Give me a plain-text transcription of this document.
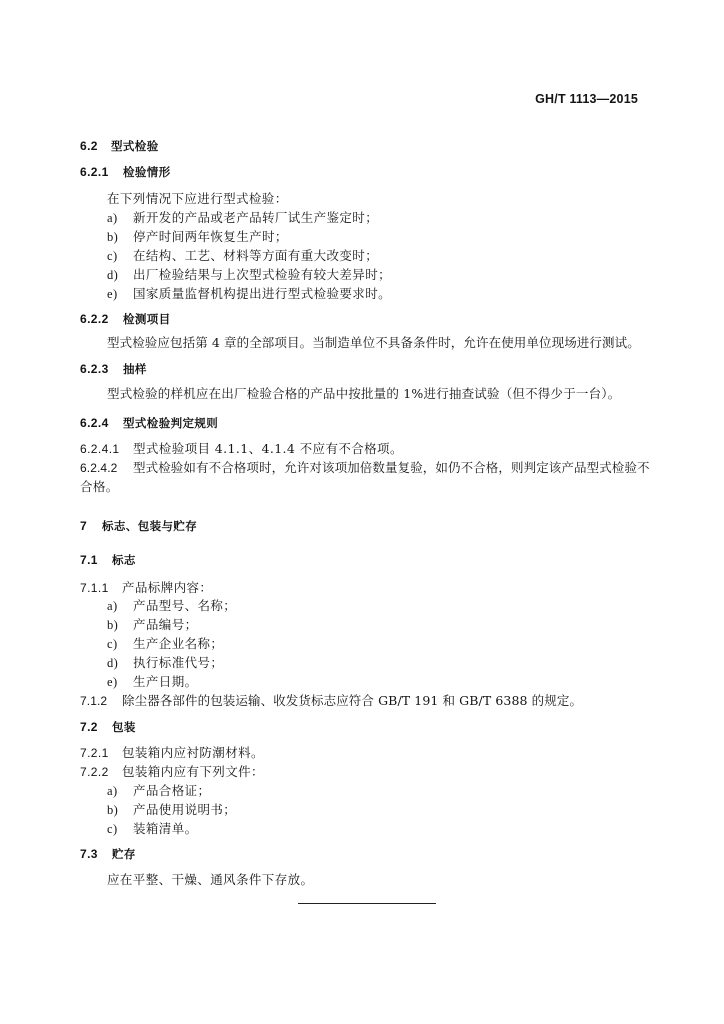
GH/T 1113—2015
6.2 型式检验
6.2.1 检验情形
在下列情况下应进行型式检验：
a) 新开发的产品或老产品转厂试生产鉴定时；
b) 停产时间两年恢复生产时；
c) 在结构、工艺、材料等方面有重大改变时；
d) 出厂检验结果与上次型式检验有较大差异时；
e) 国家质量监督机构提出进行型式检验要求时。
6.2.2 检测项目
型式检验应包括第 4 章的全部项目。当制造单位不具备条件时，允许在使用单位现场进行测试。
6.2.3 抽样
型式检验的样机应在出厂检验合格的产品中按批量的 1%进行抽查试验（但不得少于一台）。
6.2.4 型式检验判定规则
6.2.4.1 型式检验项目 4.1.1、4.1.4 不应有不合格项。
6.2.4.2 型式检验如有不合格项时，允许对该项加倍数量复验，如仍不合格，则判定该产品型式检验不
合格。
7 标志、包装与贮存
7.1 标志
7.1.1 产品标牌内容：
a) 产品型号、名称；
b) 产品编号；
c) 生产企业名称；
d) 执行标准代号；
e) 生产日期。
7.1.2 除尘器各部件的包装运输、收发货标志应符合 GB/T 191 和 GB/T 6388 的规定。
7.2 包装
7.2.1 包装箱内应衬防潮材料。
7.2.2 包装箱内应有下列文件：
a) 产品合格证；
b) 产品使用说明书；
c) 装箱清单。
7.3 贮存
应在平整、干燥、通风条件下存放。
